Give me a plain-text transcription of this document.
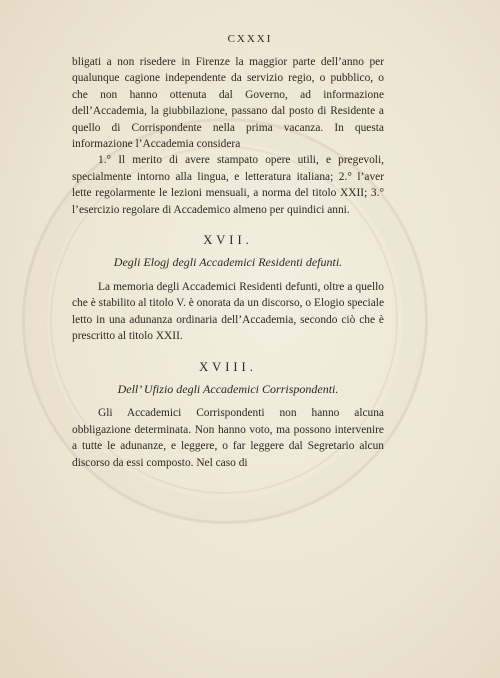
CXXXI

bligati a non risedere in Firenze la maggior parte dell’anno per qualunque cagione independente da servizio regio, o pubblico, o che non hanno ottenuta dal Governo, ad informazione dell’Accademia, la giubbilazione, passano dal posto di Residente a quello di Corrispondente nella prima vacanza. In questa informazione l’Accademia considera

1.° Il merito di avere stampato opere utili, e pregevoli, specialmente intorno alla lingua, e letteratura italiana; 2.° l’aver lette regolarmente le lezioni mensuali, a norma del titolo XXII; 3.° l’esercizio regolare di Accademico almeno per quindici anni.

XVII.
Degli Elogj degli Accademici Residenti defunti.

La memoria degli Accademici Residenti defunti, oltre a quello che è stabilito al titolo V. è onorata da un discorso, o Elogio speciale letto in una adunanza ordinaria dell’Accademia, secondo ciò che è prescritto al titolo XXII.

XVIII.
Dell’ Ufizio degli Accademici Corrispondenti.

Gli Accademici Corrispondenti non hanno alcuna obbligazione determinata. Non hanno voto, ma possono intervenire a tutte le adunanze, e leggere, o far leggere dal Segretario alcun discorso da essi composto. Nel caso di
